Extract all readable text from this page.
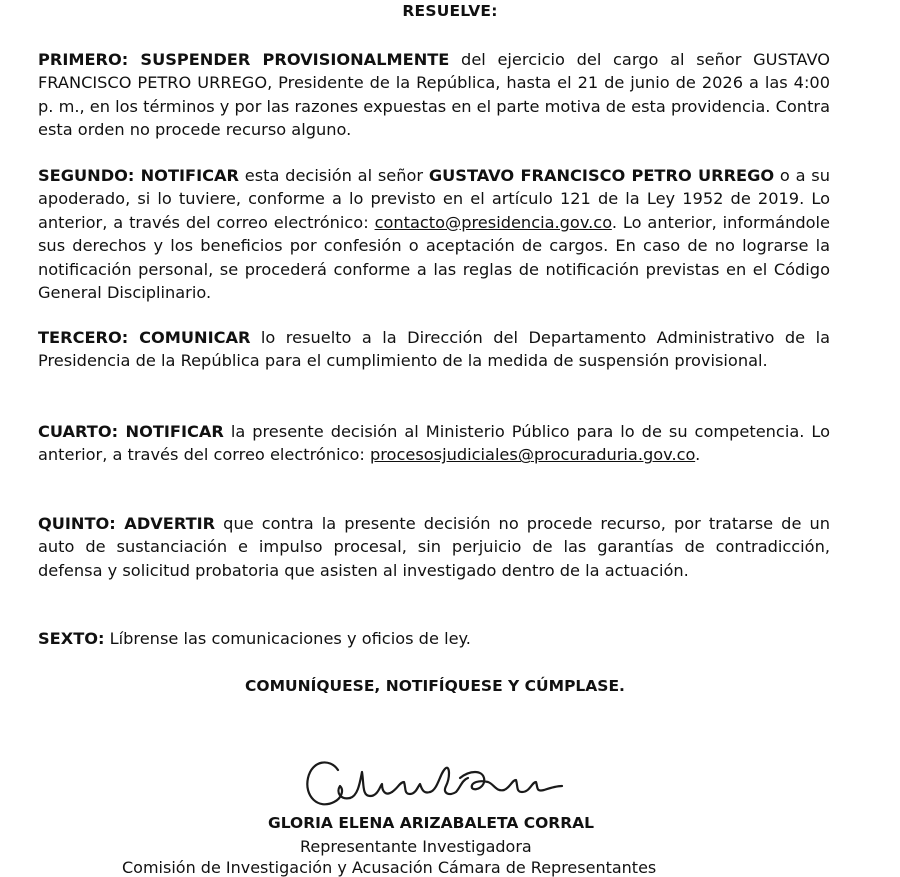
RESUELVE:

PRIMERO: SUSPENDER PROVISIONALMENTE del ejercicio del cargo al señor GUSTAVO FRANCISCO PETRO URREGO, Presidente de la República, hasta el 21 de junio de 2026 a las 4:00 p. m., en los términos y por las razones expuestas en el parte motiva de esta providencia. Contra esta orden no procede recurso alguno.

SEGUNDO: NOTIFICAR esta decisión al señor GUSTAVO FRANCISCO PETRO URREGO o a su apoderado, si lo tuviere, conforme a lo previsto en el artículo 121 de la Ley 1952 de 2019. Lo anterior, a través del correo electrónico: contacto@presidencia.gov.co. Lo anterior, informándole sus derechos y los beneficios por confesión o aceptación de cargos. En caso de no lograrse la notificación personal, se procederá conforme a las reglas de notificación previstas en el Código General Disciplinario.

TERCERO: COMUNICAR lo resuelto a la Dirección del Departamento Administrativo de la Presidencia de la República para el cumplimiento de la medida de suspensión provisional.

CUARTO: NOTIFICAR la presente decisión al Ministerio Público para lo de su competencia. Lo anterior, a través del correo electrónico: procesosjudiciales@procuraduria.gov.co.

QUINTO: ADVERTIR que contra la presente decisión no procede recurso, por tratarse de un auto de sustanciación e impulso procesal, sin perjuicio de las garantías de contradicción, defensa y solicitud probatoria que asisten al investigado dentro de la actuación.

SEXTO: Líbrense las comunicaciones y oficios de ley.

COMUNÍQUESE, NOTIFÍQUESE Y CÚMPLASE.
GLORIA ELENA ARIZABALETA CORRAL
Representante Investigadora
Comisión de Investigación y Acusación Cámara de Representantes
